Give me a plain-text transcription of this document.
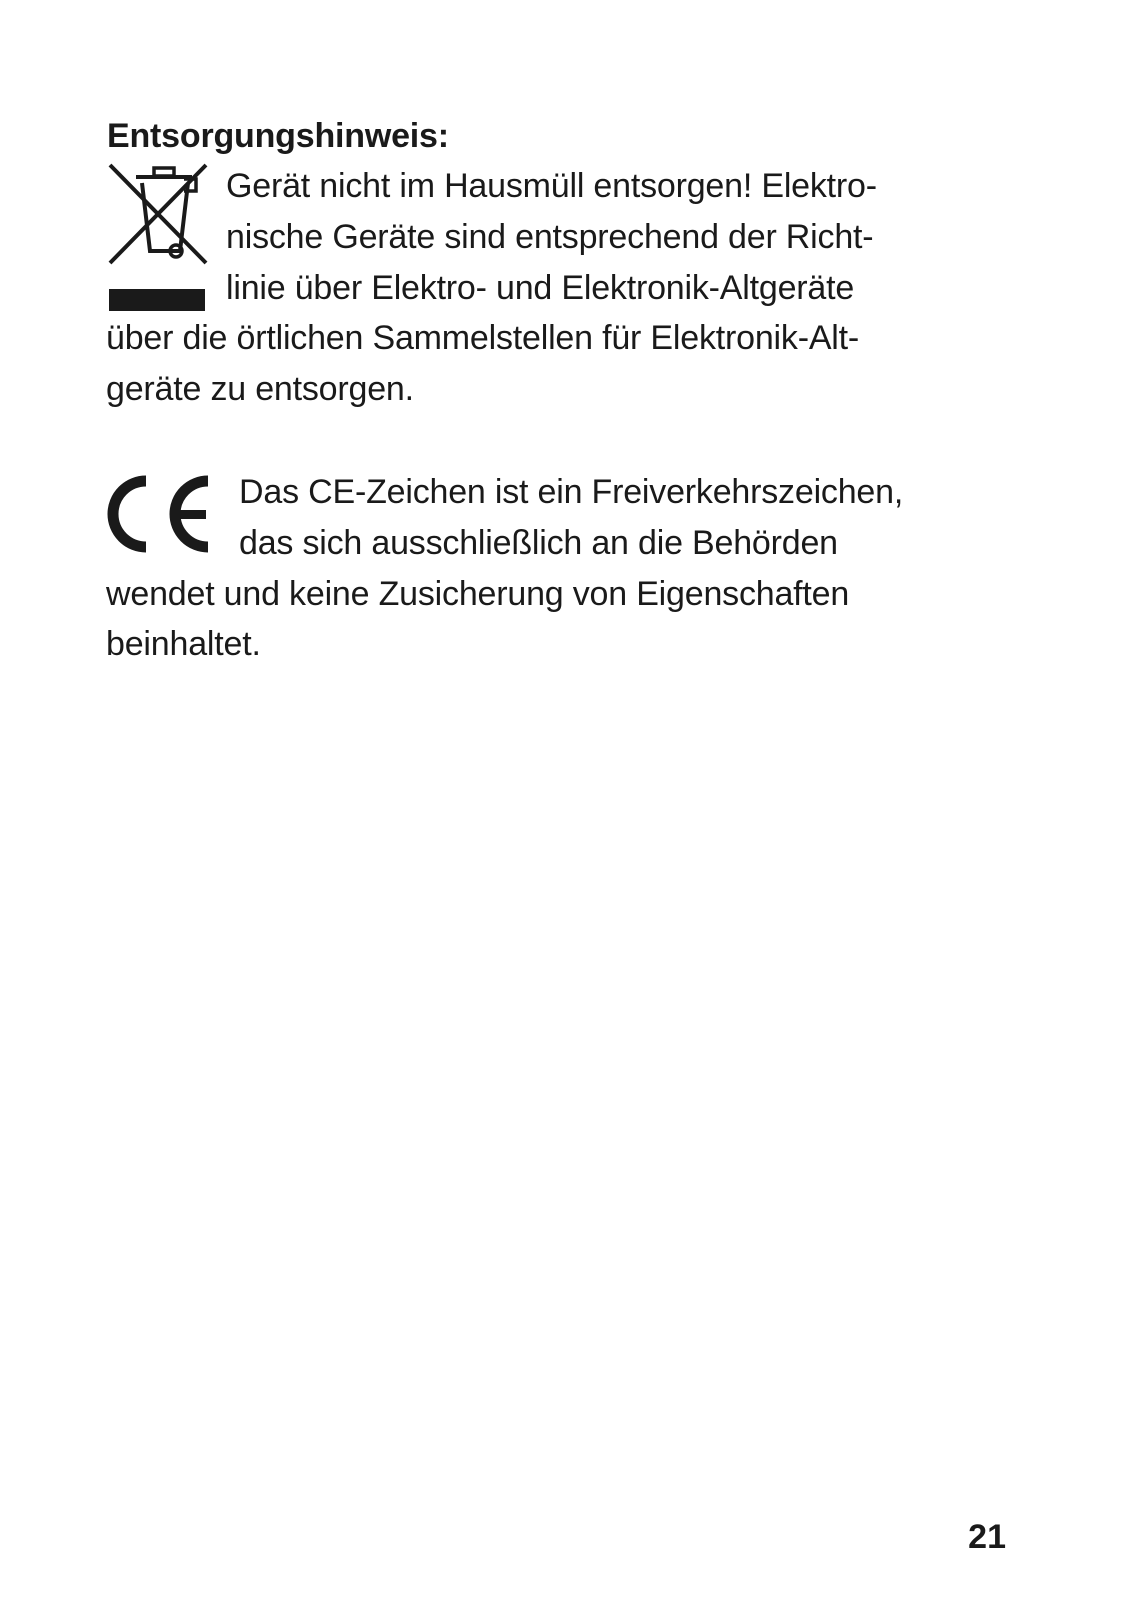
Entsorgungshinweis:
Gerät nicht im Hausmüll entsorgen! Elektro-
nische Geräte sind entsprechend der Richt-
linie über Elektro- und Elektronik-Altgeräte
über die örtlichen Sammelstellen für Elektronik-Alt-
geräte zu entsorgen.
Das CE-Zeichen ist ein Freiverkehrszeichen,
das sich ausschließlich an die Behörden
wendet und keine Zusicherung von Eigenschaften
beinhaltet.
21
